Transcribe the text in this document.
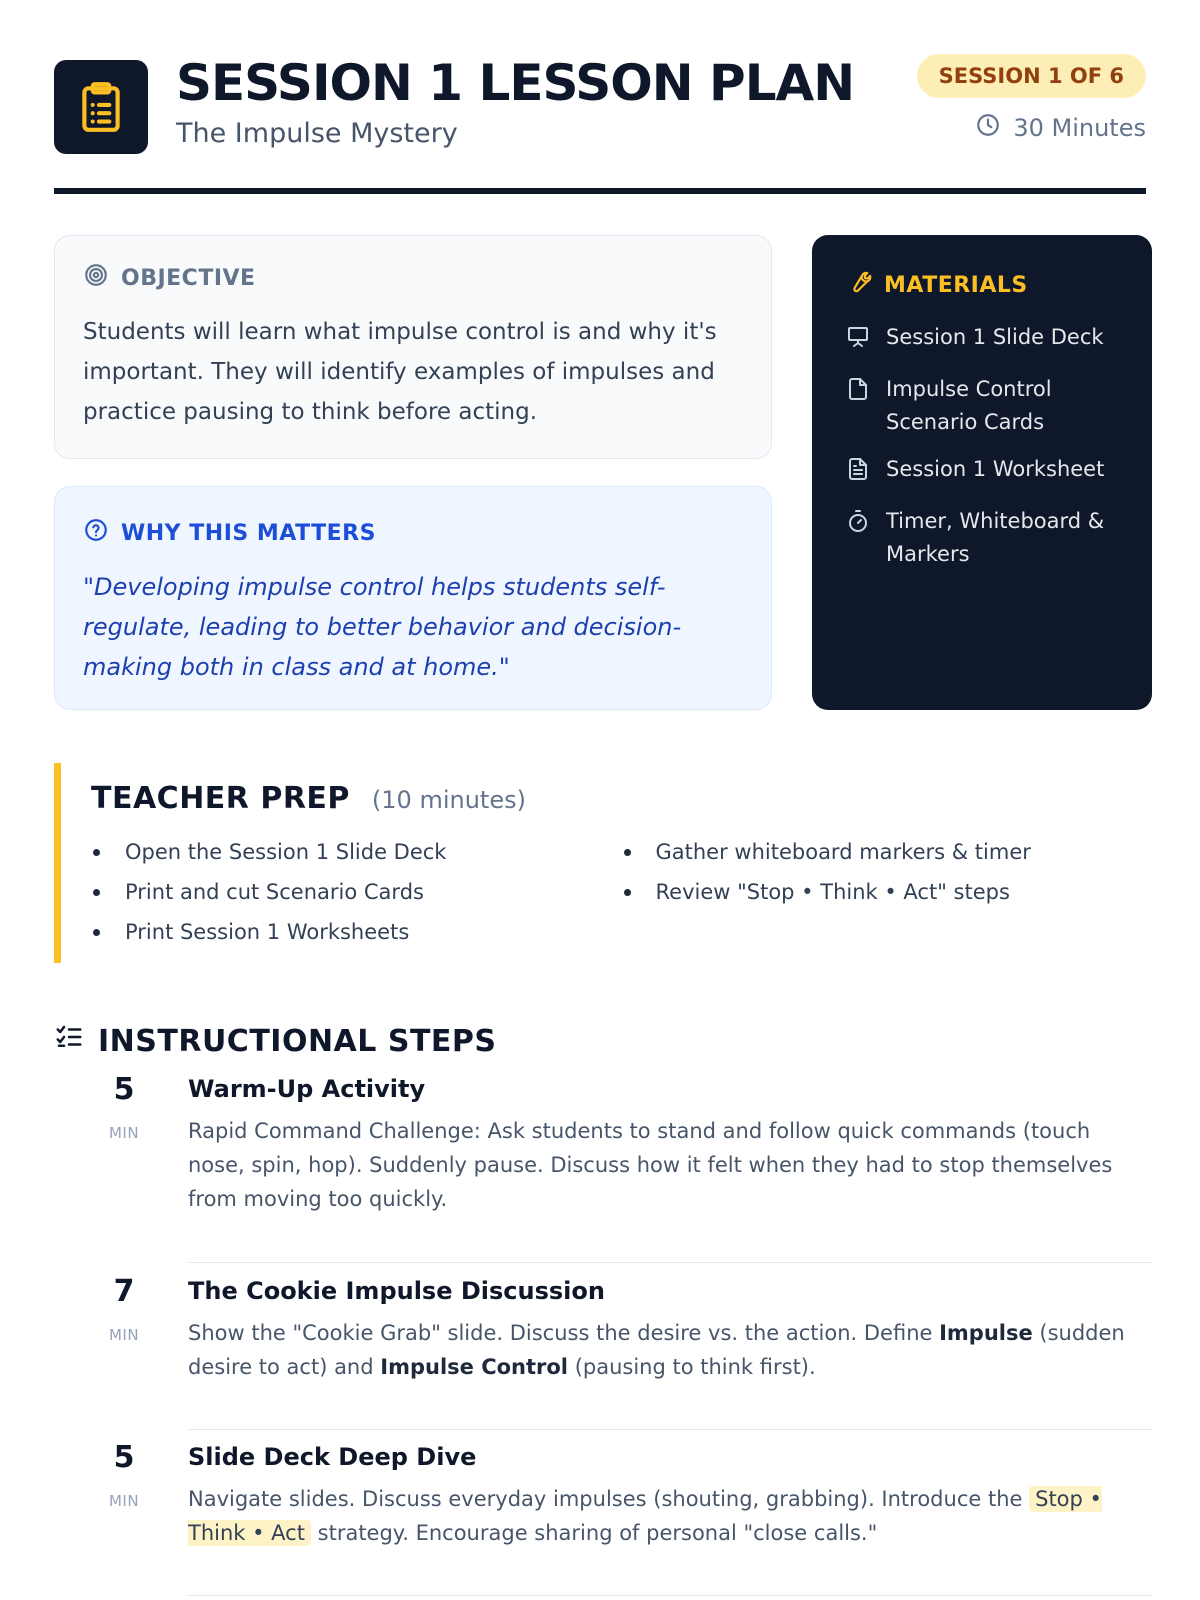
SESSION 1 LESSON PLAN
The Impulse Mystery
SESSION 1 OF 6
30 Minutes
OBJECTIVE

Students will learn what impulse control is and why it's important. They will identify examples of impulses and practice pausing to think before acting.

WHY THIS MATTERS

"Developing impulse control helps students self-regulate, leading to better behavior and decision-making both in class and at home."

MATERIALS
Session 1 Slide Deck
Impulse Control Scenario Cards
Session 1 Worksheet
Timer, Whiteboard & Markers
TEACHER PREP (10 minutes)
Open the Session 1 Slide Deck
Print and cut Scenario Cards
Print Session 1 Worksheets
Gather whiteboard markers & timer
Review "Stop • Think • Act" steps
INSTRUCTIONAL STEPS
5
MIN
Warm-Up Activity
Rapid Command Challenge: Ask students to stand and follow quick commands (touch nose, spin, hop). Suddenly pause. Discuss how it felt when they had to stop themselves from moving too quickly.
7
MIN
The Cookie Impulse Discussion
Show the "Cookie Grab" slide. Discuss the desire vs. the action. Define Impulse (sudden desire to act) and Impulse Control (pausing to think first).
5
MIN
Slide Deck Deep Dive
Navigate slides. Discuss everyday impulses (shouting, grabbing). Introduce the Stop • Think • Act strategy. Encourage sharing of personal "close calls."
